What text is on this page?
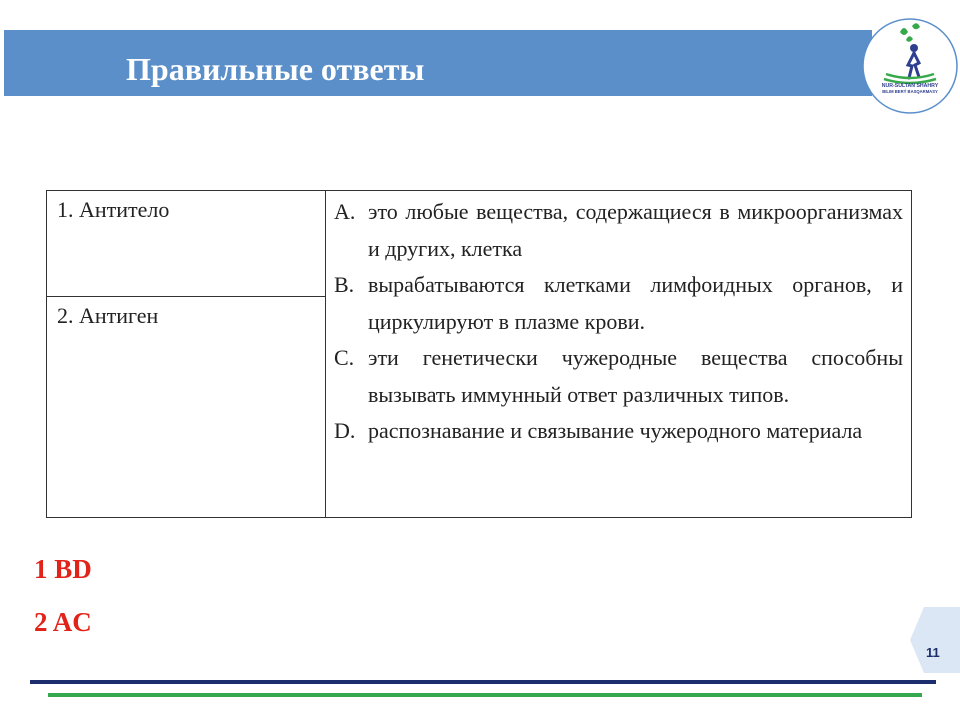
Правильные ответы	NUR-SULTAN SHAHRY
BILIM BERÝ BASQARMASY
1. Антитело	A. это любые вещества, содержащиеся в микроорганизмах и других, клетка
B. вырабатываются клетками лимфоидных органов, и циркулируют в плазме крови.
C. эти генетически чужеродные вещества способны вызывать иммунный ответ различных типов.
D. распознавание и связывание чужеродного материала

2. Антиген

1 BD

2 AC

11
